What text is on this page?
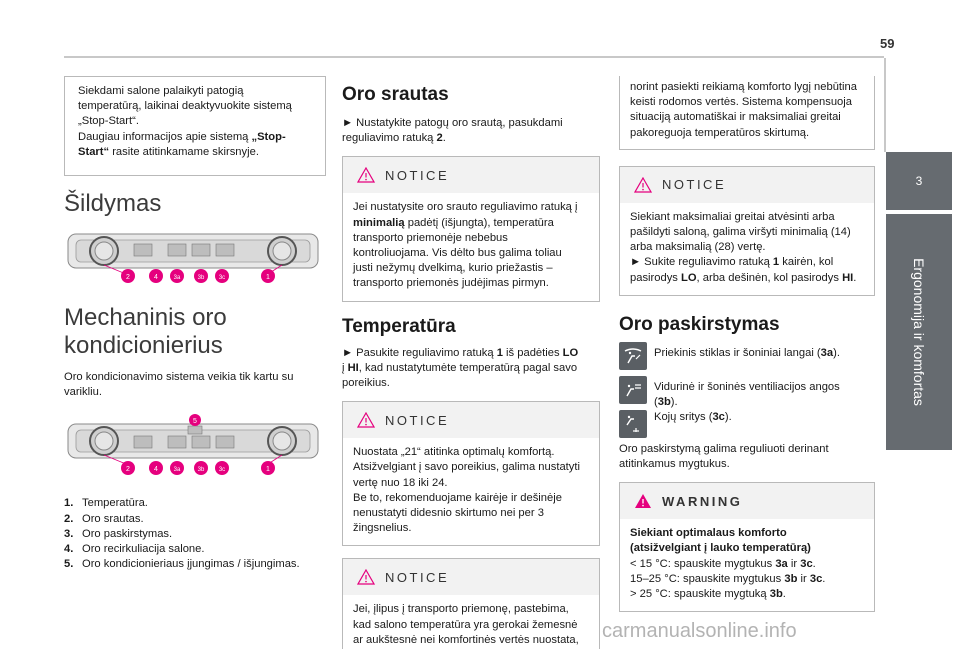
59
3
Ergonomija ir komfortas
Siekdami salone palaikyti patogią
temperatūrą, laikinai deaktyvuokite sistemą
„Stop-Start“.
Daugiau informacijos apie sistemą „Stop-
Start“ rasite atitinkamame skirsnyje.
Šildymas
2	4	3a	3b 3c	1
Mechaninis oro
kondicionierius
Oro kondicionavimo sistema veikia tik kartu su
varikliu.
5
2	4	3a	3b 3c	1
1. Temperatūra.
2. Oro srautas.
3. Oro paskirstymas.
4. Oro recirkuliacija salone.
5. Oro kondicionieriaus įjungimas / išjungimas.
Oro srautas
► Nustatykite patogų oro srautą, pasukdami
reguliavimo ratuką 2.
NOTICE
Jei nustatysite oro srauto reguliavimo ratuką į
minimalią padėtį (išjungta), temperatūra
transporto priemonėje nebebus
kontroliuojama. Vis dėlto bus galima toliau
justi nežymų dvelkimą, kurio priežastis –
transporto priemonės judėjimas pirmyn.
Temperatūra
► Pasukite reguliavimo ratuką 1 iš padėties LO
į HI, kad nustatytumėte temperatūrą pagal savo
poreikius.
NOTICE
Nuostata „21“ atitinka optimalų komfortą.
Atsižvelgiant į savo poreikius, galima nustatyti
vertę nuo 18 iki 24.
Be to, rekomenduojame kairėje ir dešinėje
nenustatyti didesnio skirtumo nei per 3
žingsnelius.
NOTICE
Jei, įlipus į transporto priemonę, pastebima,
kad salono temperatūra yra gerokai žemesnė
ar aukštesnė nei komfortinės vertės nuostata,
norint pasiekti reikiamą komforto lygį nebūtina
keisti rodomos vertės. Sistema kompensuoja
situaciją automatiškai ir maksimaliai greitai
pakoreguoja temperatūros skirtumą.
NOTICE
Siekiant maksimaliai greitai atvėsinti arba
pašildyti saloną, galima viršyti minimalią (14)
arba maksimalią (28) vertę.
► Sukite reguliavimo ratuką 1 kairėn, kol
pasirodys LO, arba dešinėn, kol pasirodys HI.
Oro paskirstymas
Priekinis stiklas ir šoniniai langai (3a).
Vidurinė ir šoninės ventiliacijos angos
(3b).
Kojų sritys (3c).
Oro paskirstymą galima reguliuoti derinant
atitinkamus mygtukus.
WARNING
Siekiant optimalaus komforto
(atsižvelgiant į lauko temperatūrą)
< 15 °C: spauskite mygtukus 3a ir 3c.
15–25 °C: spauskite mygtukus 3b ir 3c.
> 25 °C: spauskite mygtuką 3b.
carmanualsonline.info
